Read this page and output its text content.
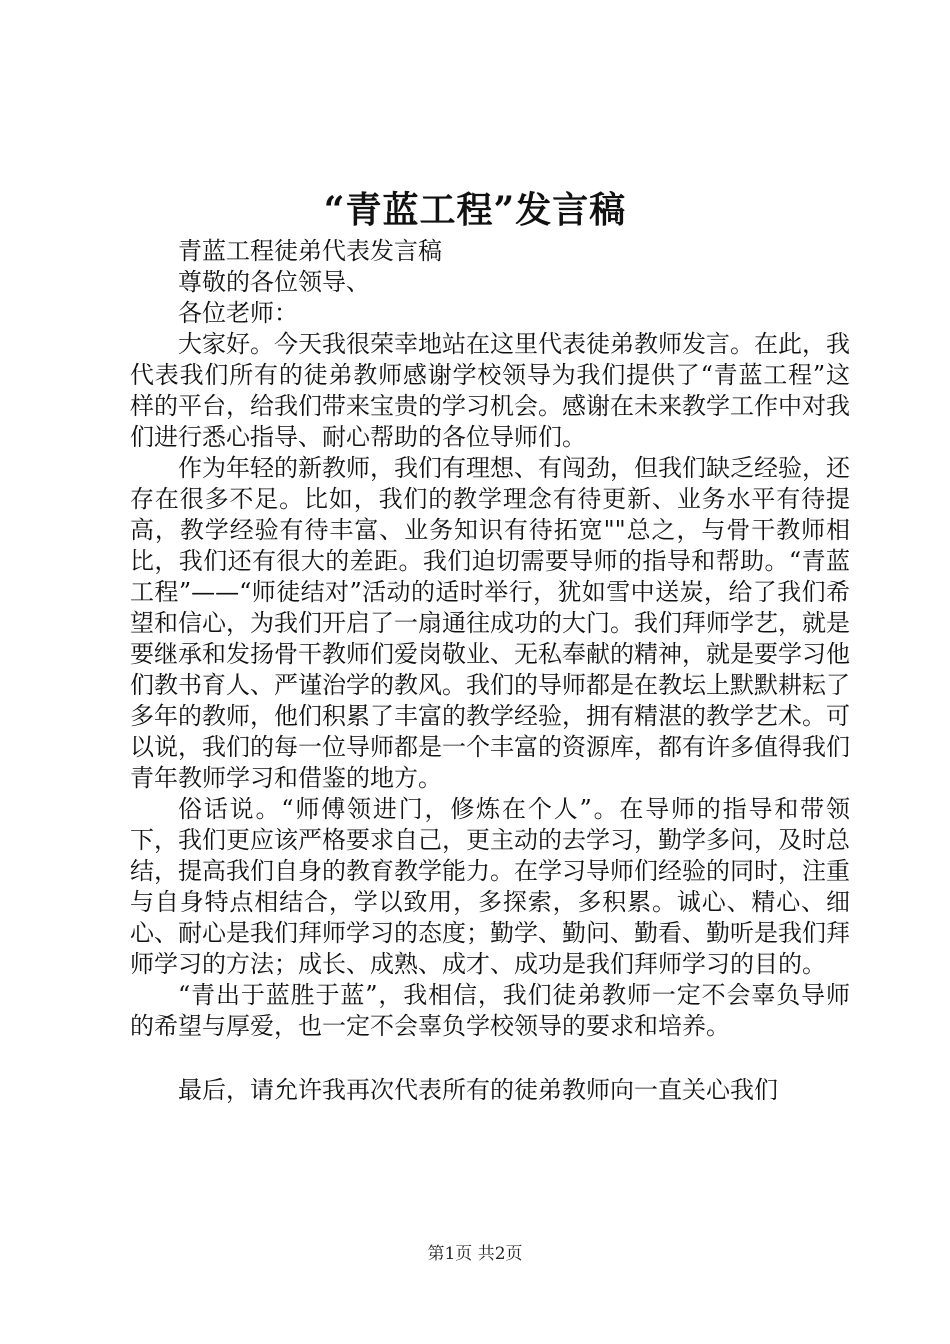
“青蓝工程”发言稿

青蓝工程徒弟代表发言稿

尊敬的各位领导、

各位老师：

大家好。今天我很荣幸地站在这里代表徒弟教师发言。在此，我代表我们所有的徒弟教师感谢学校领导为我们提供了“青蓝工程”这样的平台，给我们带来宝贵的学习机会。感谢在未来教学工作中对我们进行悉心指导、耐心帮助的各位导师们。

作为年轻的新教师，我们有理想、有闯劲，但我们缺乏经验，还存在很多不足。比如，我们的教学理念有待更新、业务水平有待提高，教学经验有待丰富、业务知识有待拓宽""总之，与骨干教师相比，我们还有很大的差距。我们迫切需要导师的指导和帮助。“青蓝工程”——“师徒结对”活动的适时举行，犹如雪中送炭，给了我们希望和信心，为我们开启了一扇通往成功的大门。我们拜师学艺，就是要继承和发扬骨干教师们爱岗敬业、无私奉献的精神，就是要学习他们教书育人、严谨治学的教风。我们的导师都是在教坛上默默耕耘了多年的教师，他们积累了丰富的教学经验，拥有精湛的教学艺术。可以说，我们的每一位导师都是一个丰富的资源库，都有许多值得我们青年教师学习和借鉴的地方。

俗话说。“师傅领进门，修炼在个人”。在导师的指导和带领下，我们更应该严格要求自己，更主动的去学习，勤学多问，及时总结，提高我们自身的教育教学能力。在学习导师们经验的同时，注重与自身特点相结合，学以致用，多探索，多积累。诚心、精心、细心、耐心是我们拜师学习的态度；勤学、勤问、勤看、勤听是我们拜师学习的方法；成长、成熟、成才、成功是我们拜师学习的目的。

“青出于蓝胜于蓝”，我相信，我们徒弟教师一定不会辜负导师的希望与厚爱，也一定不会辜负学校领导的要求和培养。

最后，请允许我再次代表所有的徒弟教师向一直关心我们

第1页 共2页
